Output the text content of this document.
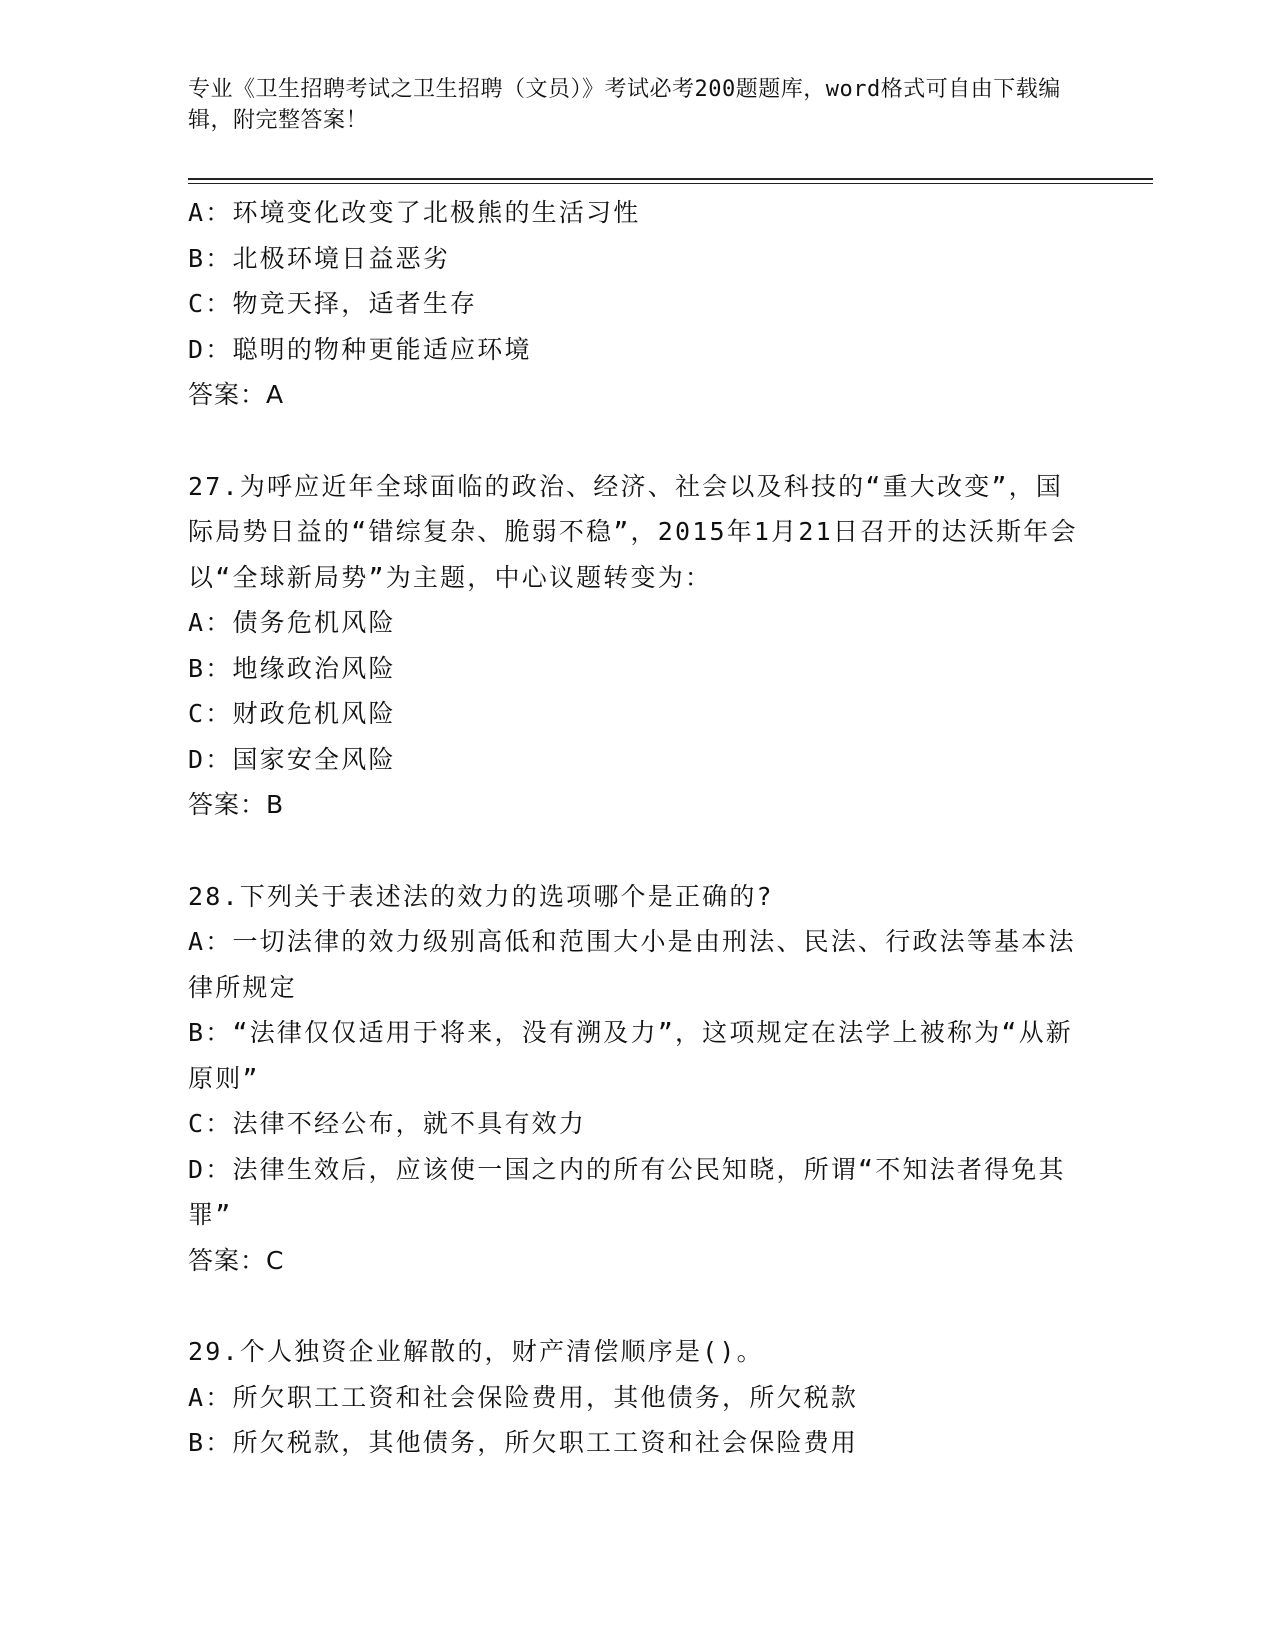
专业《卫生招聘考试之卫生招聘（文员）》考试必考200题题库，word格式可自由下载编辑，附完整答案！
A：环境变化改变了北极熊的生活习性
B：北极环境日益恶劣
C：物竞天择，适者生存
D：聪明的物种更能适应环境
答案：A
27.为呼应近年全球面临的政治、经济、社会以及科技的“重大改变”，国际局势日益的“错综复杂、脆弱不稳”，2015年1月21日召开的达沃斯年会以“全球新局势”为主题，中心议题转变为：
A：债务危机风险
B：地缘政治风险
C：财政危机风险
D：国家安全风险
答案：B
28.下列关于表述法的效力的选项哪个是正确的?
A：一切法律的效力级别高低和范围大小是由刑法、民法、行政法等基本法律所规定
B：“法律仅仅适用于将来，没有溯及力”，这项规定在法学上被称为“从新原则”
C：法律不经公布，就不具有效力
D：法律生效后，应该使一国之内的所有公民知晓，所谓“不知法者得免其罪”
答案：C
29.个人独资企业解散的，财产清偿顺序是()。
A：所欠职工工资和社会保险费用，其他债务，所欠税款
B：所欠税款，其他债务，所欠职工工资和社会保险费用
